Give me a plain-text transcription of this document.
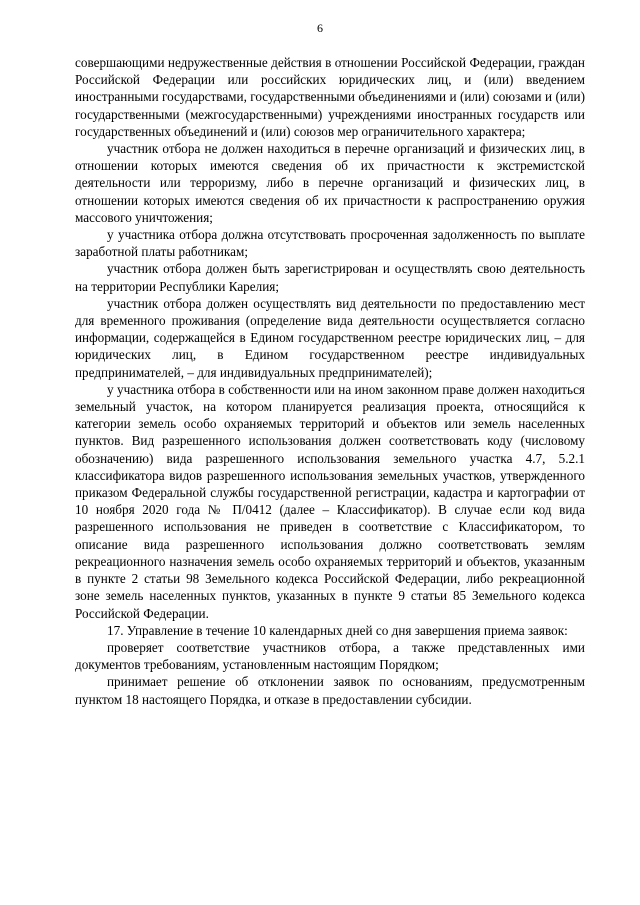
6

совершающими недружественные действия в отношении Российской Федерации, граждан Российской Федерации или российских юридических лиц, и (или) введением иностранными государствами, государственными объединениями и (или) союзами и (или) государственными (межгосударственными) учреждениями иностранных государств или государственных объединений и (или) союзов мер ограничительного характера;

участник отбора не должен находиться в перечне организаций и физических лиц, в отношении которых имеются сведения об их причастности к экстремистской деятельности или терроризму, либо в перечне организаций и физических лиц, в отношении которых имеются сведения об их причастности к распространению оружия массового уничтожения;

у участника отбора должна отсутствовать просроченная задолженность по выплате заработной платы работникам;

участник отбора должен быть зарегистрирован и осуществлять свою деятельность на территории Республики Карелия;

участник отбора должен осуществлять вид деятельности по предоставлению мест для временного проживания (определение вида деятельности осуществляется согласно информации, содержащейся в Едином государственном реестре юридических лиц, – для юридических лиц, в Едином государственном реестре индивидуальных предпринимателей, – для индивидуальных предпринимателей);

у участника отбора в собственности или на ином законном праве должен находиться земельный участок, на котором планируется реализация проекта, относящийся к категории земель особо охраняемых территорий и объектов или земель населенных пунктов. Вид разрешенного использования должен соответствовать коду (числовому обозначению) вида разрешенного использования земельного участка 4.7, 5.2.1 классификатора видов разрешенного использования земельных участков, утвержденного приказом Федеральной службы государственной регистрации, кадастра и картографии от 10 ноября 2020 года № П/0412 (далее – Классификатор). В случае если код вида разрешенного использования не приведен в соответствие с Классификатором, то описание вида разрешенного использования должно соответствовать землям рекреационного назначения земель особо охраняемых территорий и объектов, указанным в пункте 2 статьи 98 Земельного кодекса Российской Федерации, либо рекреационной зоне земель населенных пунктов, указанных в пункте 9 статьи 85 Земельного кодекса Российской Федерации.

17. Управление в течение 10 календарных дней со дня завершения приема заявок:

проверяет соответствие участников отбора, а также представленных ими документов требованиям, установленным настоящим Порядком;

принимает решение об отклонении заявок по основаниям, предусмотренным пунктом 18 настоящего Порядка, и отказе в предоставлении субсидии.
